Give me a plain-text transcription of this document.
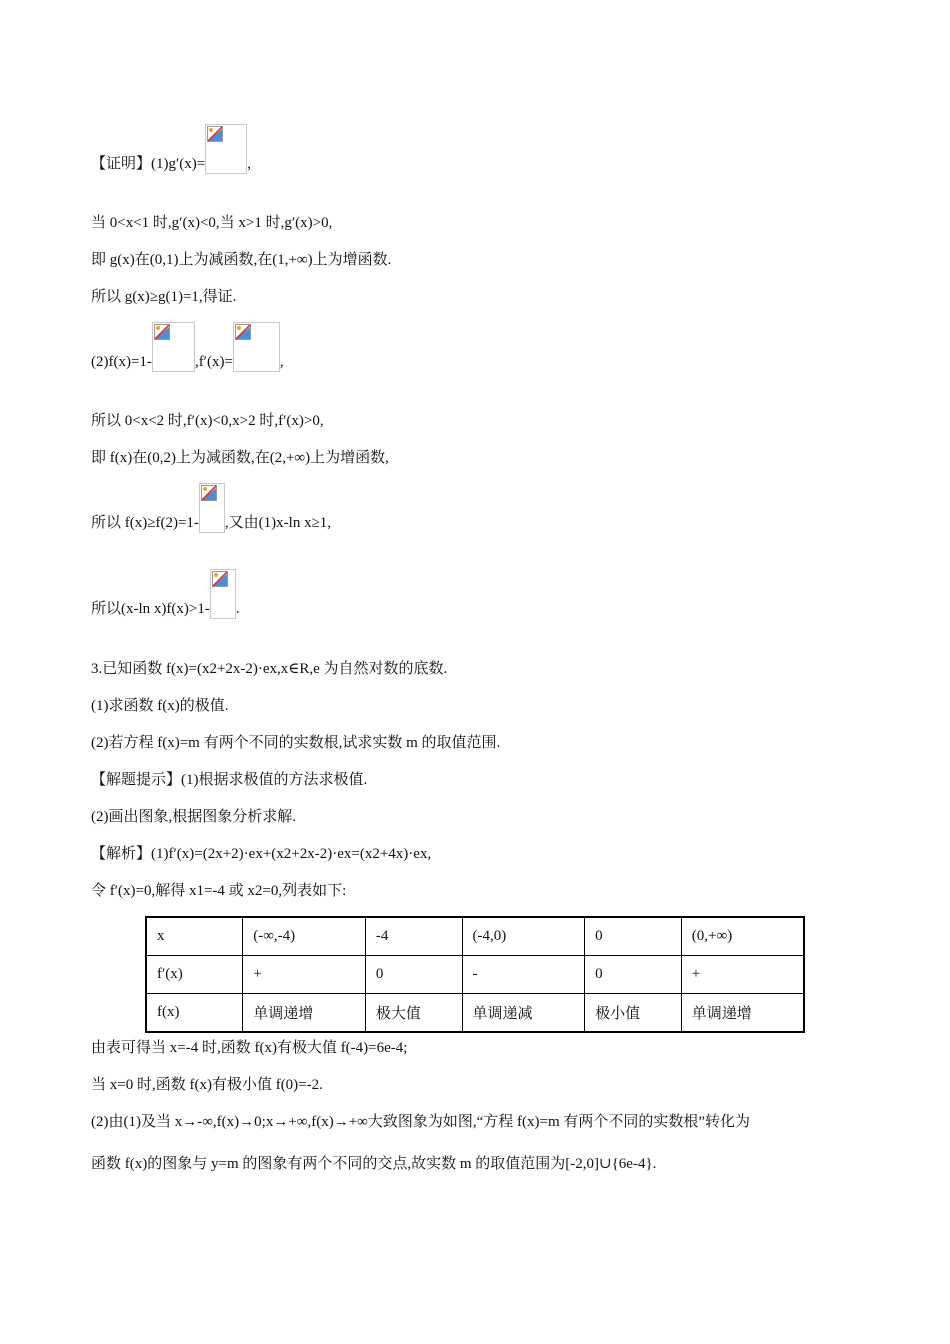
【证明】(1)g′(x)=	,
当 0<x<1 时,g′(x)<0,当 x>1 时,g′(x)>0,
即 g(x)在(0,1)上为减函数,在(1,+∞)上为增函数.
所以 g(x)≥g(1)=1,得证.
(2)f(x)=1-	,f′(x)=	,
所以 0<x<2 时,f′(x)<0,x>2 时,f′(x)>0,
即 f(x)在(0,2)上为减函数,在(2,+∞)上为增函数,
所以 f(x)≥f(2)=1- ,又由(1)x-ln x≥1,
所以(x-ln x)f(x)>1- .
3.已知函数 f(x)=(x2+2x-2)·ex,x∈R,e 为自然对数的底数.
(1)求函数 f(x)的极值.
(2)若方程 f(x)=m 有两个不同的实数根,试求实数 m 的取值范围.
【解题提示】(1)根据求极值的方法求极值.
(2)画出图象,根据图象分析求解.
【解析】(1)f′(x)=(2x+2)·ex+(x2+2x-2)·ex=(x2+4x)·ex,
令 f′(x)=0,解得 x1=-4 或 x2=0,列表如下:
x	(-∞,-4)	-4	(-4,0)	0	(0,+∞)
f′(x)	+	0	-	0	+
f(x)	单调递增	极大值	单调递减	极小值	单调递增
由表可得当 x=-4 时,函数 f(x)有极大值 f(-4)=6e-4;
当 x=0 时,函数 f(x)有极小值 f(0)=-2.
(2)由(1)及当 x→-∞,f(x)→0;x→+∞,f(x)→+∞大致图象为如图,“方程 f(x)=m 有两个不同的实数根”转化为
函数 f(x)的图象与 y=m 的图象有两个不同的交点,故实数 m 的取值范围为[-2,0]∪{6e-4}.
